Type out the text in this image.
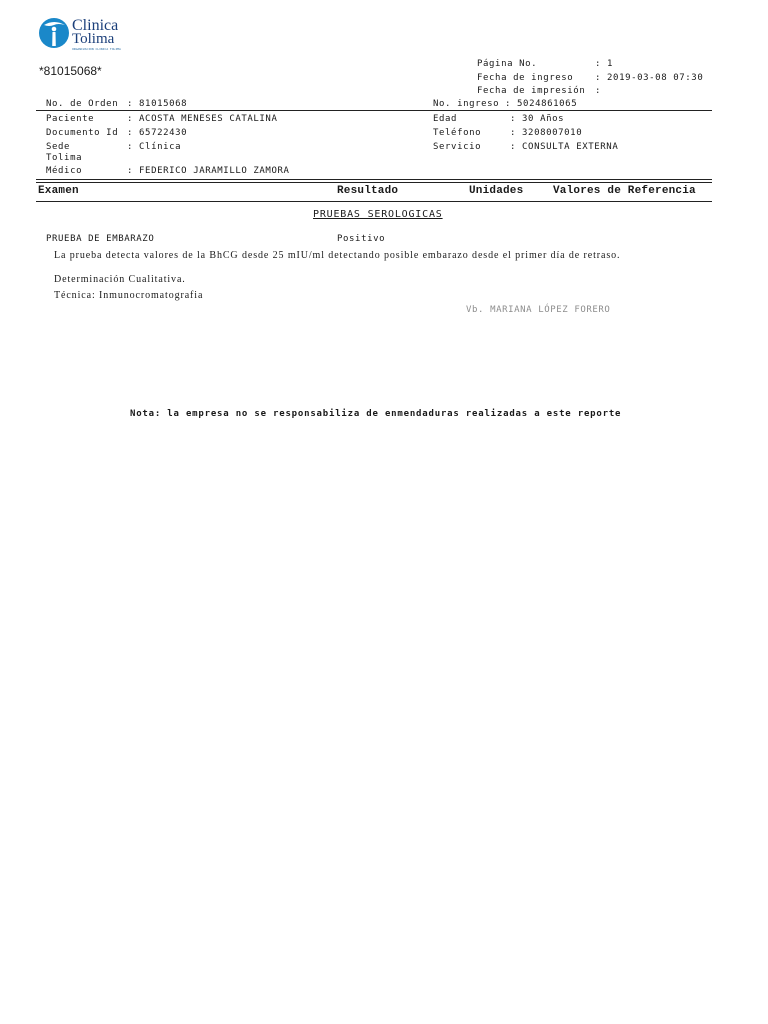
Clinica
Tolima
ORGANIZACION CLINICA TOLIMA
*81015068*	Página No.	: 1
Fecha de ingreso : 2019-03-08 07:30
Fecha de impresión :
No. de Orden : 81015068	No. ingreso : 5024861065
Paciente	: ACOSTA MENESES CATALINA
Documento Id : 65722430
Sede
Tolima
: Clínica
Médico	: FEDERICO JARAMILLO ZAMORA
Edad	: 30 Años
Teléfono	: 3208007010
Servicio	: CONSULTA EXTERNA
Examen	Resultado	Unidades	Valores de Referencia
PRUEBAS SEROLOGICAS
PRUEBA DE EMBARAZO	Positivo
La prueba detecta valores de la BhCG desde 25 mIU/ml detectando posible embarazo desde el primer día de retraso.
Determinación Cualitativa.
Técnica: Inmunocromatografia
Vb. MARIANA LÓPEZ FORERO
Nota: la empresa no se responsabiliza de enmendaduras realizadas a este reporte
